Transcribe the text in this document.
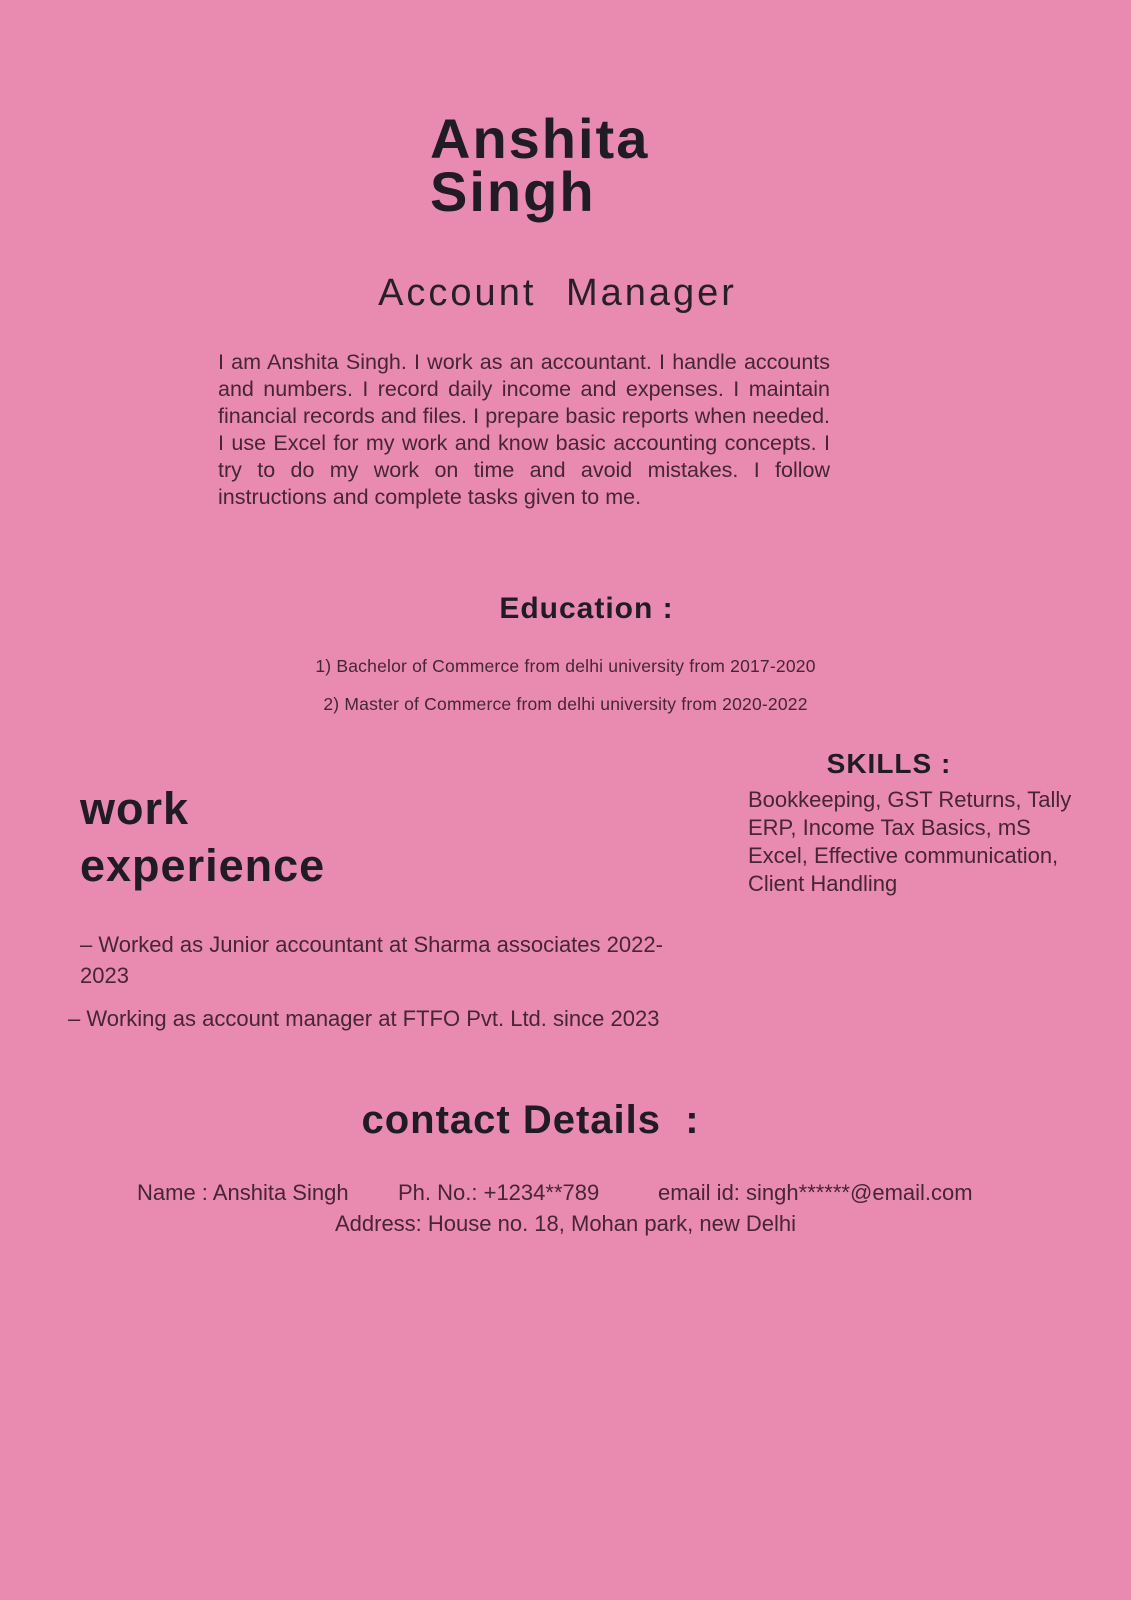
Anshita
Singh
Account Manager

I am Anshita Singh. I work as an accountant. I handle accounts and numbers. I record daily income and expenses. I maintain financial records and files. I prepare basic reports when needed. I use Excel for my work and know basic accounting concepts. I try to do my work on time and avoid mistakes. I follow instructions and complete tasks given to me.

Education :
1) Bachelor of Commerce from delhi university from 2017-2020
2) Master of Commerce from delhi university from 2020-2022
SKILLS :
Bookkeeping, GST Returns, Tally ERP, Income Tax Basics, mS Excel, Effective communication, Client Handling
work
experience
– Worked as Junior accountant at Sharma associates 2022-2023
– Working as account manager at FTFO Pvt. Ltd. since 2023
contact Details  :
Name : Anshita Singh Ph. No.: +1234**789	email id: singh******@email.com
Address: House no. 18, Mohan park, new Delhi
